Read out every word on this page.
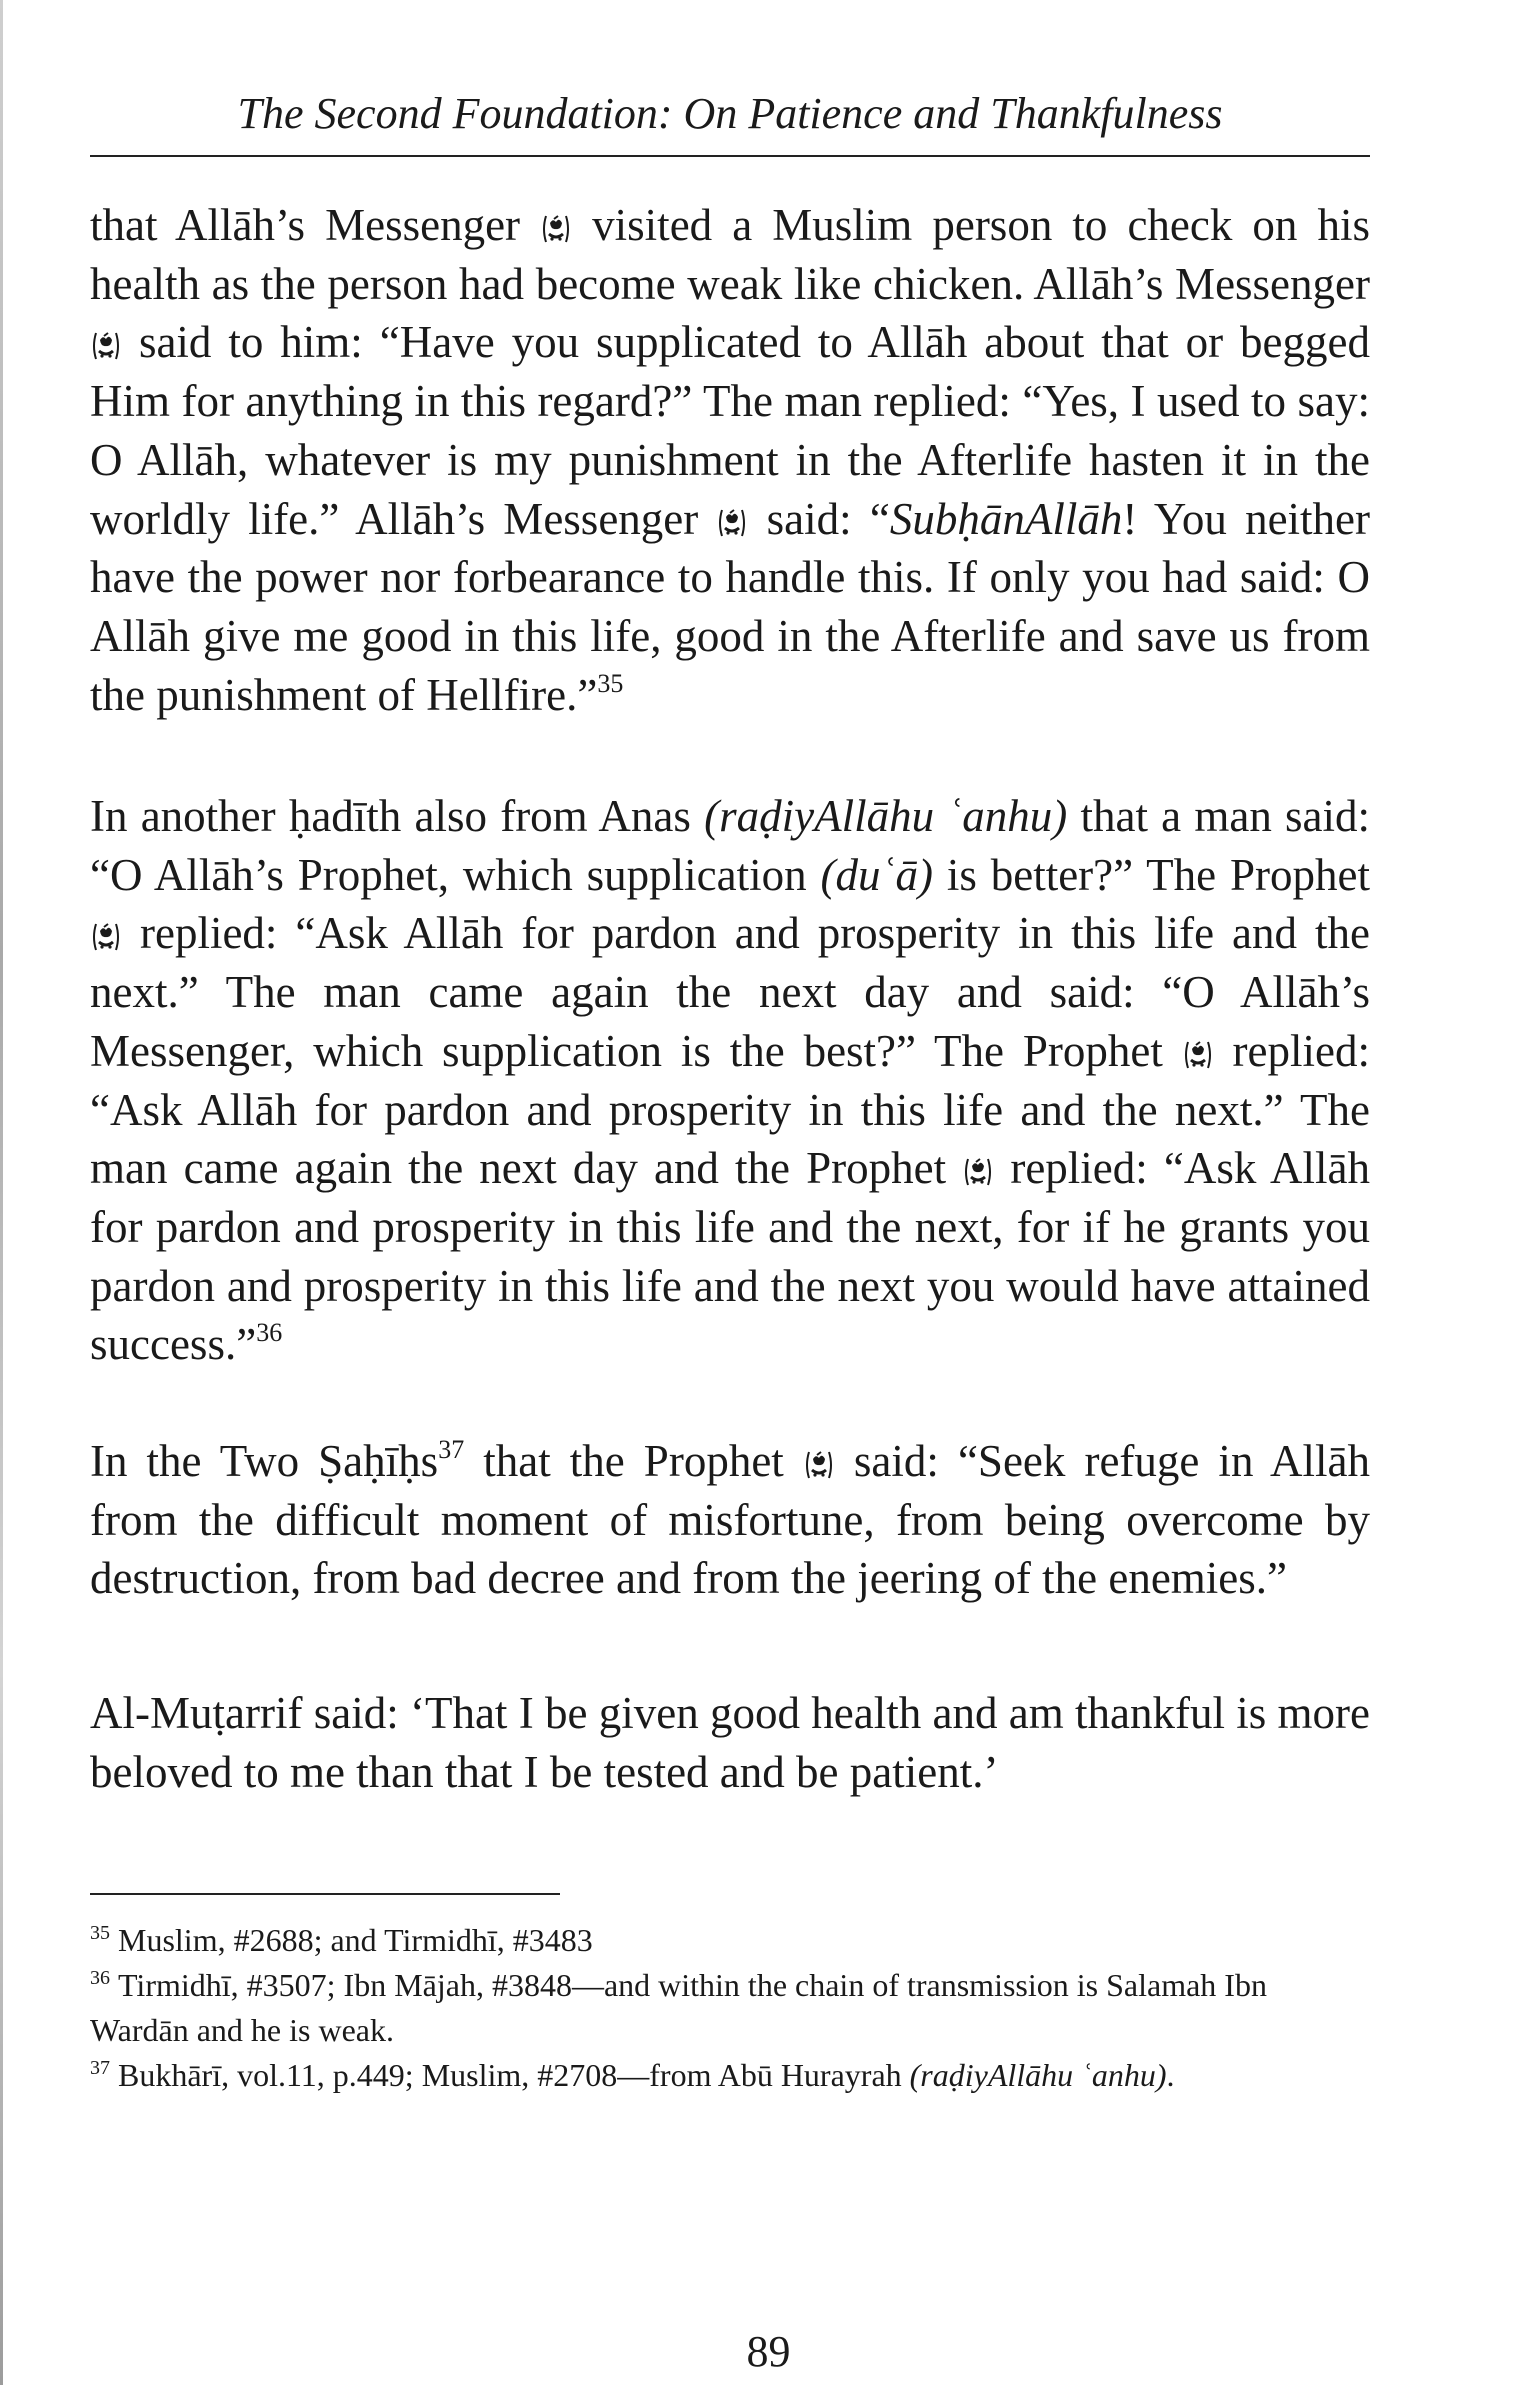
The Second Foundation: On Patience and Thankfulness

that Allāh’s Messenger  visited a Muslim person to check on his health as the person had become weak like chicken. Allāh’s Messenger  said to him: “Have you supplicated to Allāh about that or begged Him for anything in this regard?” The man replied: “Yes, I used to say: O Allāh, whatever is my punishment in the Afterlife hasten it in the worldly life.” Allāh’s Messenger  said: “SubḥānAllāh! You neither have the power nor forbearance to handle this. If only you had said: O Allāh give me good in this life, good in the Afterlife and save us from the punishment of Hellfire.”$^{35}$

In another ḥadīth also from Anas (raḍiyAllāhu ʿanhu) that a man said: “O Allāh’s Prophet, which supplication (duʿā) is better?” The Prophet  replied: “Ask Allāh for pardon and prosperity in this life and the next.” The man came again the next day and said: “O Allāh’s Messenger, which supplication is the best?” The Prophet  replied: “Ask Allāh for pardon and prosperity in this life and the next.” The man came again the next day and the Prophet  replied: “Ask Allāh for pardon and prosperity in this life and the next, for if he grants you pardon and prosperity in this life and the next you would have attained success.”$^{36}$

In the Two Ṣaḥīḥs$^{37}$ that the Prophet  said: “Seek refuge in Allāh from the difficult moment of misfortune, from being overcome by destruction, from bad decree and from the jeering of the enemies.”

Al-Muṭarrif said: ‘That I be given good health and am thankful is more beloved to me than that I be tested and be patient.’

$^{35}$ Muslim, #2688; and Tirmidhī, #3483

$^{36}$ Tirmidhī, #3507; Ibn Mājah, #3848—and within the chain of transmission is Salamah Ibn Wardān and he is weak.

$^{37}$ Bukhārī, vol.11, p.449; Muslim, #2708—from Abū Hurayrah (raḍiyAllāhu ʿanhu).

89
